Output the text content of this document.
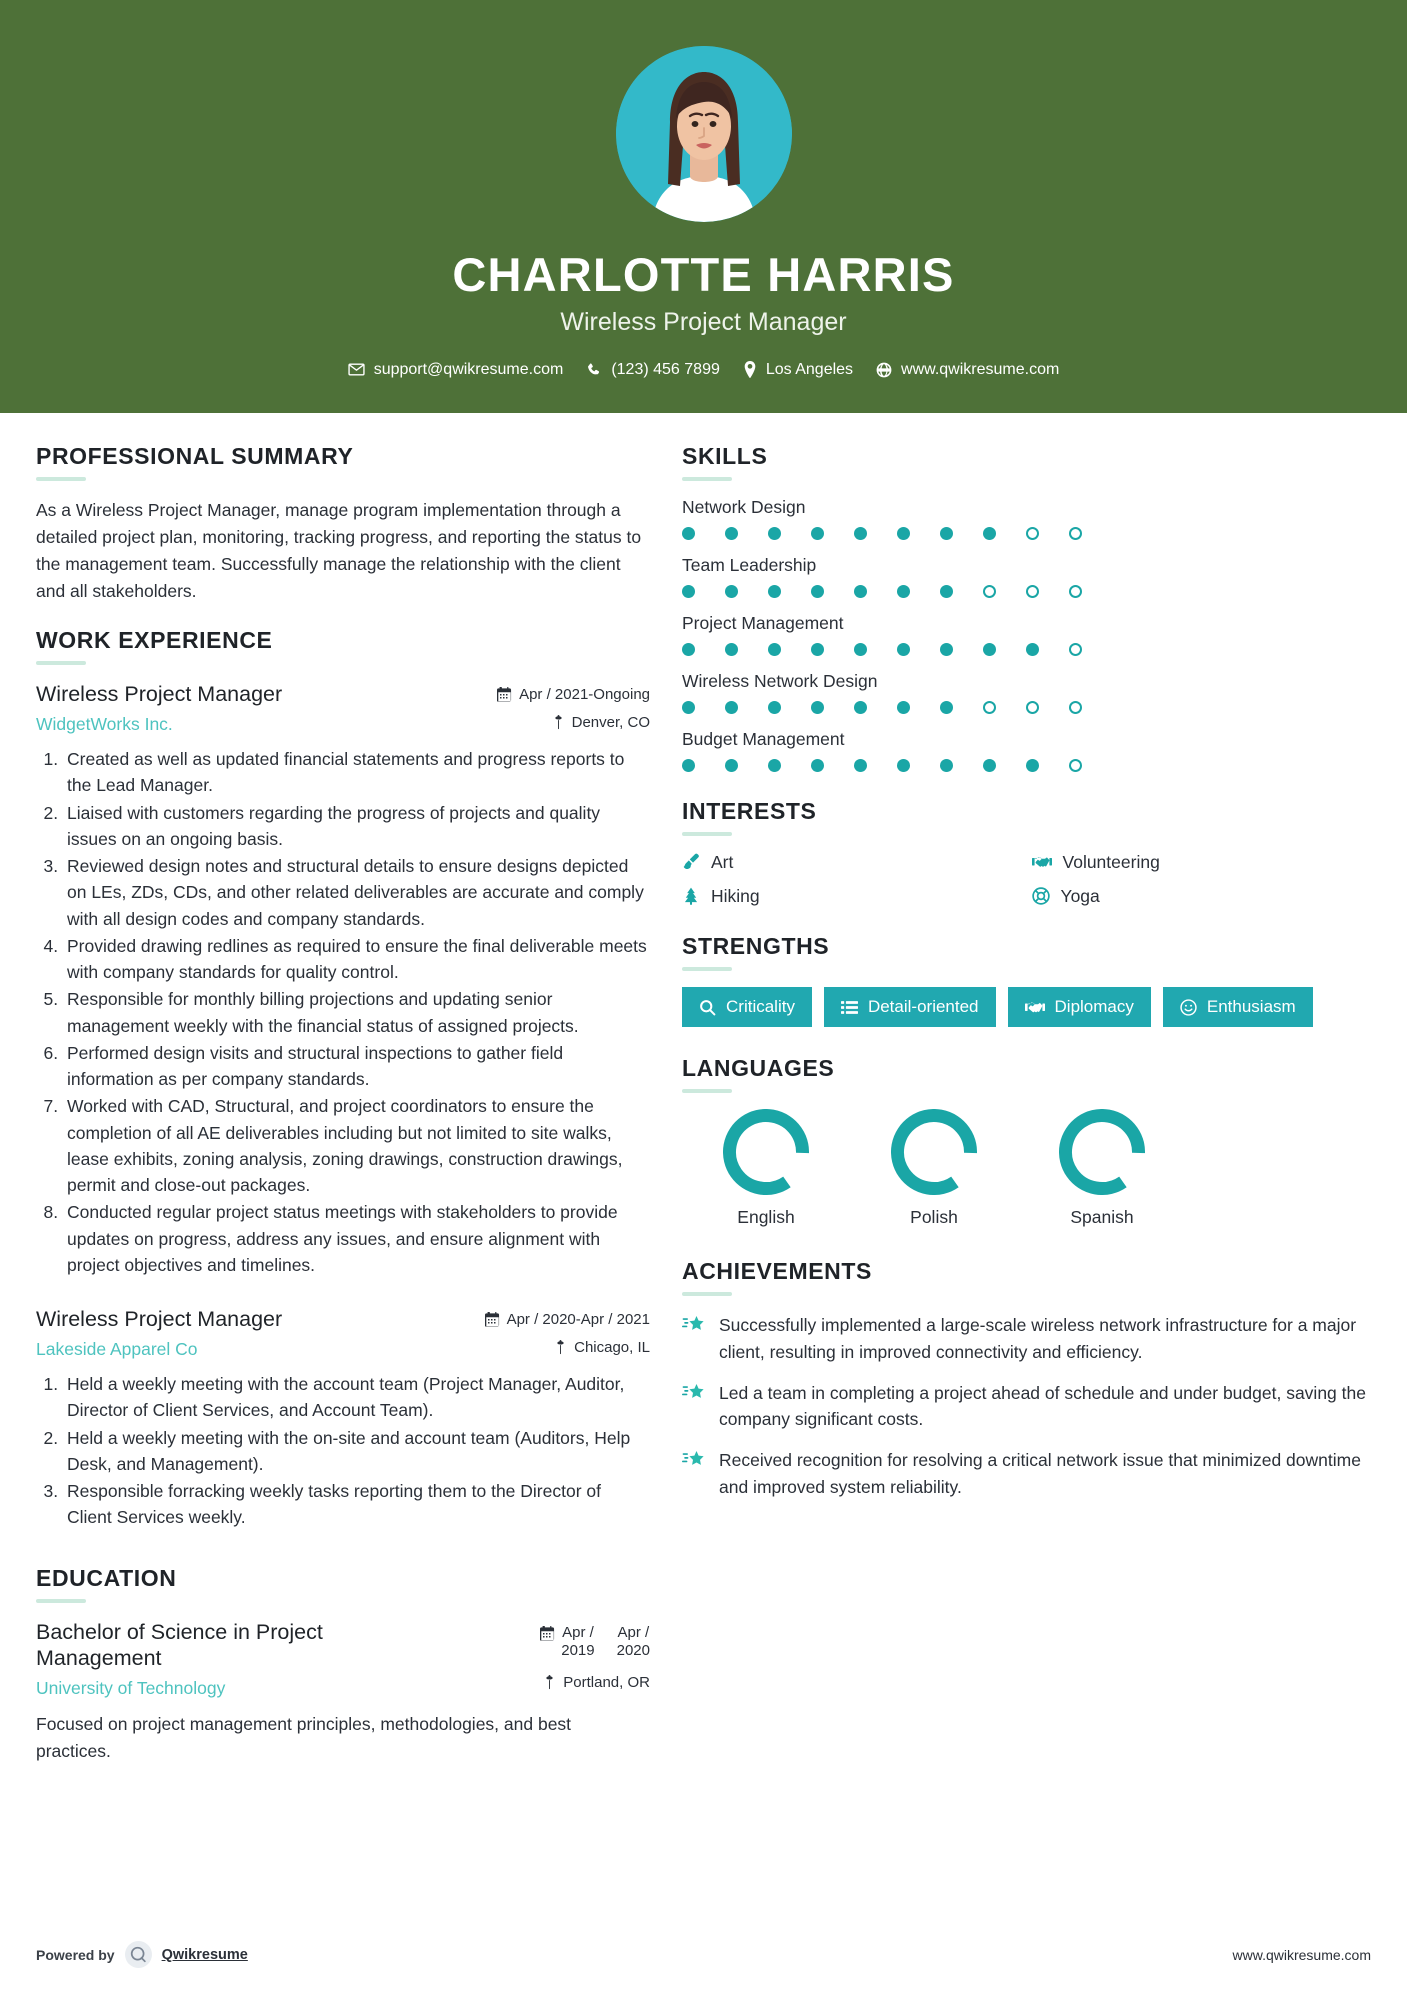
CHARLOTTE HARRIS
Wireless Project Manager
support@qwikresume.com	(123) 456 7899	Los Angeles	www.qwikresume.com
PROFESSIONAL SUMMARY
As a Wireless Project Manager, manage program implementation through a detailed project plan, monitoring, tracking progress, and reporting the status to the management team. Successfully manage the relationship with the client and all stakeholders.
WORK EXPERIENCE
Wireless Project Manager
WidgetWorks Inc.
Apr / 2021-Ongoing
Denver, CO
1. Created as well as updated financial statements and progress reports to the Lead Manager.
2. Liaised with customers regarding the progress of projects and quality issues on an ongoing basis.
3. Reviewed design notes and structural details to ensure designs depicted on LEs, ZDs, CDs, and other related deliverables are accurate and comply with all design codes and company standards.
4. Provided drawing redlines as required to ensure the final deliverable meets with company standards for quality control.
5. Responsible for monthly billing projections and updating senior management weekly with the financial status of assigned projects.
6. Performed design visits and structural inspections to gather field information as per company standards.
7. Worked with CAD, Structural, and project coordinators to ensure the completion of all AE deliverables including but not limited to site walks, lease exhibits, zoning analysis, zoning drawings, construction drawings, permit and close-out packages.
8. Conducted regular project status meetings with stakeholders to provide updates on progress, address any issues, and ensure alignment with project objectives and timelines.
Wireless Project Manager
Lakeside Apparel Co
Apr / 2020-Apr / 2021
Chicago, IL
1. Held a weekly meeting with the account team (Project Manager, Auditor, Director of Client Services, and Account Team).
2. Held a weekly meeting with the on-site and account team (Auditors, Help Desk, and Management).
3. Responsible forracking weekly tasks reporting them to the Director of Client Services weekly.
EDUCATION
Bachelor of Science in Project Management
University of Technology
Apr /
2019
Apr /
2020
Portland, OR
Focused on project management principles, methodologies, and best practices.
SKILLS
Network Design
Team Leadership
Project Management
Wireless Network Design
Budget Management
INTERESTS
Art	Volunteering
Hiking	Yoga
STRENGTHS
Criticality	Detail-oriented	Diplomacy	Enthusiasm
LANGUAGES
English	Polish	Spanish
ACHIEVEMENTS
Successfully implemented a large-scale wireless network infrastructure for a major client, resulting in improved connectivity and efficiency.
Led a team in completing a project ahead of schedule and under budget, saving the company significant costs.
Received recognition for resolving a critical network issue that minimized downtime and improved system reliability.
Powered by	Qwikresume	www.qwikresume.com
